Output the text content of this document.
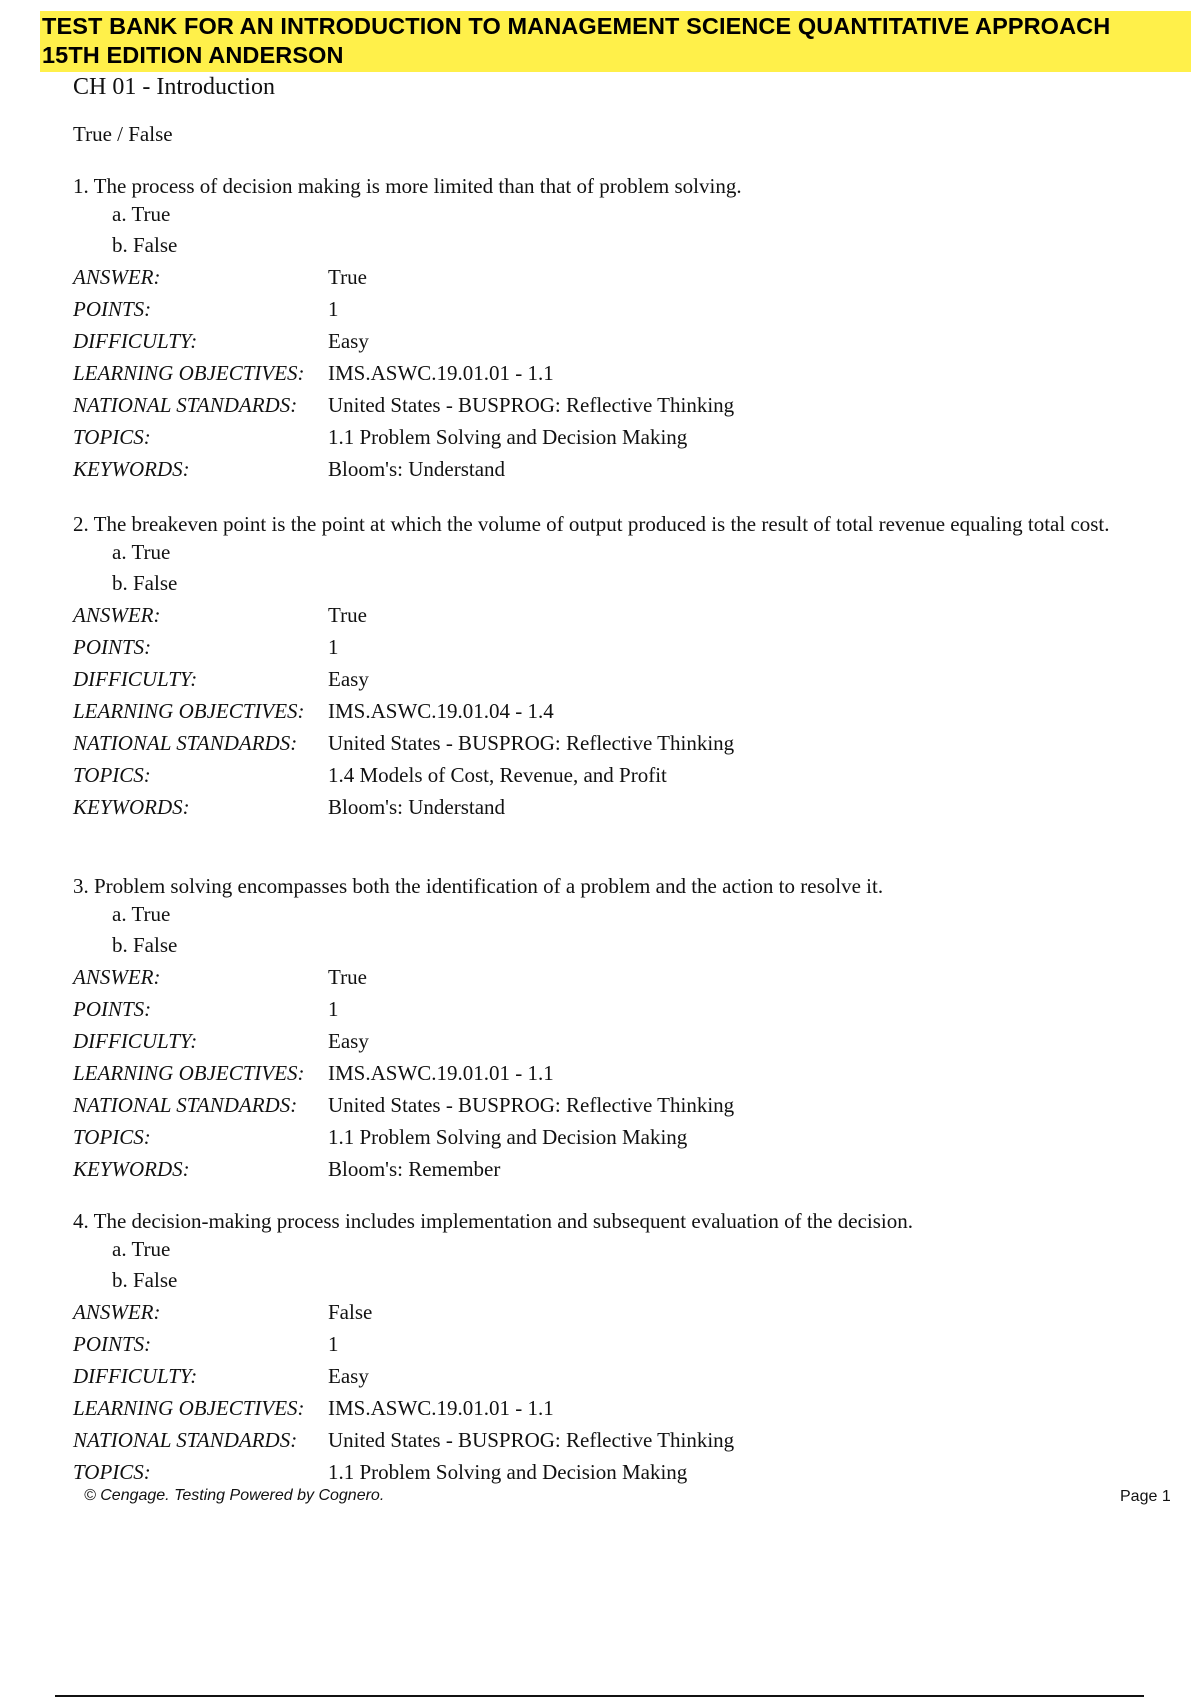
TEST BANK FOR AN INTRODUCTION TO MANAGEMENT SCIENCE QUANTITATIVE APPROACH
15TH EDITION ANDERSON
CH 01 - Introduction
True / False

1. The process of decision making is more limited than that of problem solving.

a. True
b. False
ANSWER:	True
POINTS:	1
DIFFICULTY:	Easy
LEARNING OBJECTIVES:	IMS.ASWC.19.01.01 - 1.1
NATIONAL STANDARDS:	United States - BUSPROG: Reflective Thinking
TOPICS:	1.1 Problem Solving and Decision Making
KEYWORDS:	Bloom's: Understand

2. The breakeven point is the point at which the volume of output produced is the result of total revenue equaling total cost.

a. True
b. False
ANSWER:	True
POINTS:	1
DIFFICULTY:	Easy
LEARNING OBJECTIVES:	IMS.ASWC.19.01.04 - 1.4
NATIONAL STANDARDS:	United States - BUSPROG: Reflective Thinking
TOPICS:	1.4 Models of Cost, Revenue, and Profit
KEYWORDS:	Bloom's: Understand

3. Problem solving encompasses both the identification of a problem and the action to resolve it.

a. True
b. False
ANSWER:	True
POINTS:	1
DIFFICULTY:	Easy
LEARNING OBJECTIVES:	IMS.ASWC.19.01.01 - 1.1
NATIONAL STANDARDS:	United States - BUSPROG: Reflective Thinking
TOPICS:	1.1 Problem Solving and Decision Making
KEYWORDS:	Bloom's: Remember

4. The decision-making process includes implementation and subsequent evaluation of the decision.

a. True
b. False
ANSWER:	False
POINTS:	1
DIFFICULTY:	Easy
LEARNING OBJECTIVES:	IMS.ASWC.19.01.01 - 1.1
NATIONAL STANDARDS:	United States - BUSPROG: Reflective Thinking
TOPICS:	1.1 Problem Solving and Decision Making
© Cengage. Testing Powered by Cognero.	Page 1
